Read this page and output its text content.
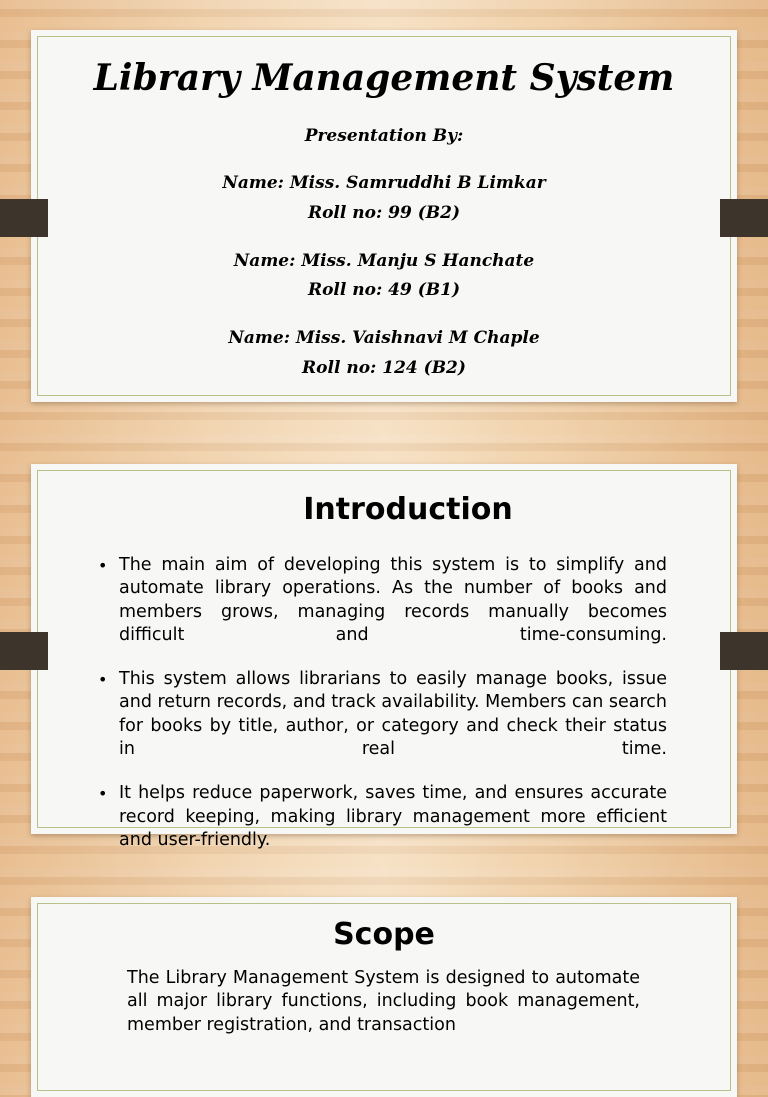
Library Management System

Presentation By:

Name: Miss. Samruddhi B Limkar

Roll no: 99 (B2)

Name: Miss. Manju S Hanchate

Roll no: 49 (B1)

Name: Miss. Vaishnavi M Chaple

Roll no: 124 (B2)

Introduction
• The main aim of developing this system is to simplify and automate library operations. As the number of books and members grows, managing records manually becomes difficult and time-consuming.
• This system allows librarians to easily manage books, issue and return records, and track availability. Members can search for books by title, author, or category and check their status in real time.
• It helps reduce paperwork, saves time, and ensures accurate record keeping, making library management more efficient and user-friendly.
Scope

The Library Management System is designed to automate all major library functions, including book management, member registration, and transaction
